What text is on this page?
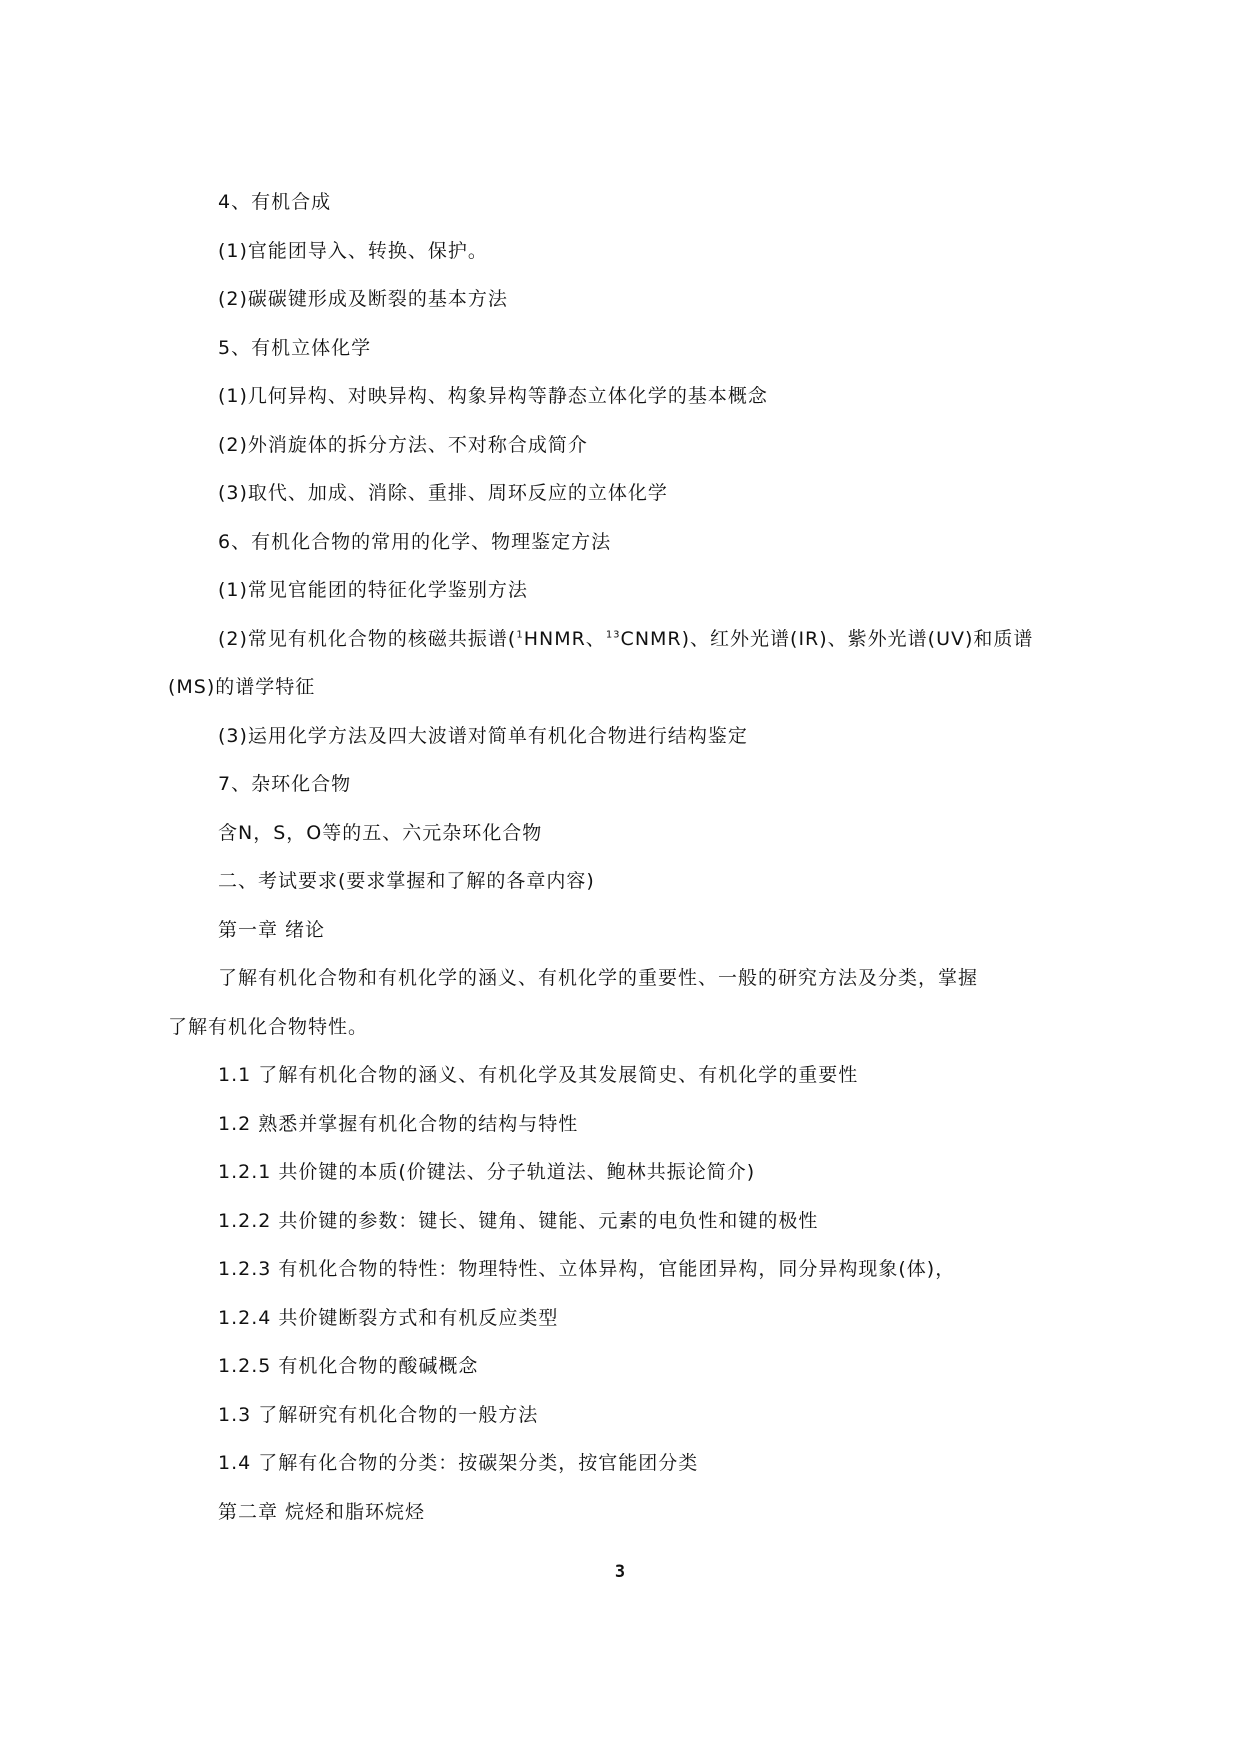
4、有机合成
(1)官能团导入、转换、保护。
(2)碳碳键形成及断裂的基本方法
5、有机立体化学
(1)几何异构、对映异构、构象异构等静态立体化学的基本概念
(2)外消旋体的拆分方法、不对称合成简介
(3)取代、加成、消除、重排、周环反应的立体化学
6、有机化合物的常用的化学、物理鉴定方法
(1)常见官能团的特征化学鉴别方法
(2)常见有机化合物的核磁共振谱($^1$HNMR、$^{13}$CNMR)、红外光谱(IR)、紫外光谱(UV)和质谱
(MS)的谱学特征
(3)运用化学方法及四大波谱对简单有机化合物进行结构鉴定
7、杂环化合物
含N，S，O等的五、六元杂环化合物
二、考试要求(要求掌握和了解的各章内容)
第一章 绪论
了解有机化合物和有机化学的涵义、有机化学的重要性、一般的研究方法及分类，掌握
了解有机化合物特性。
1.1 了解有机化合物的涵义、有机化学及其发展简史、有机化学的重要性
1.2 熟悉并掌握有机化合物的结构与特性
1.2.1 共价键的本质(价键法、分子轨道法、鲍林共振论简介)
1.2.2 共价键的参数：键长、键角、键能、元素的电负性和键的极性
1.2.3 有机化合物的特性：物理特性、立体异构，官能团异构，同分异构现象(体)，
1.2.4 共价键断裂方式和有机反应类型
1.2.5 有机化合物的酸碱概念
1.3 了解研究有机化合物的一般方法
1.4 了解有化合物的分类：按碳架分类，按官能团分类
第二章 烷烃和脂环烷烃
3
